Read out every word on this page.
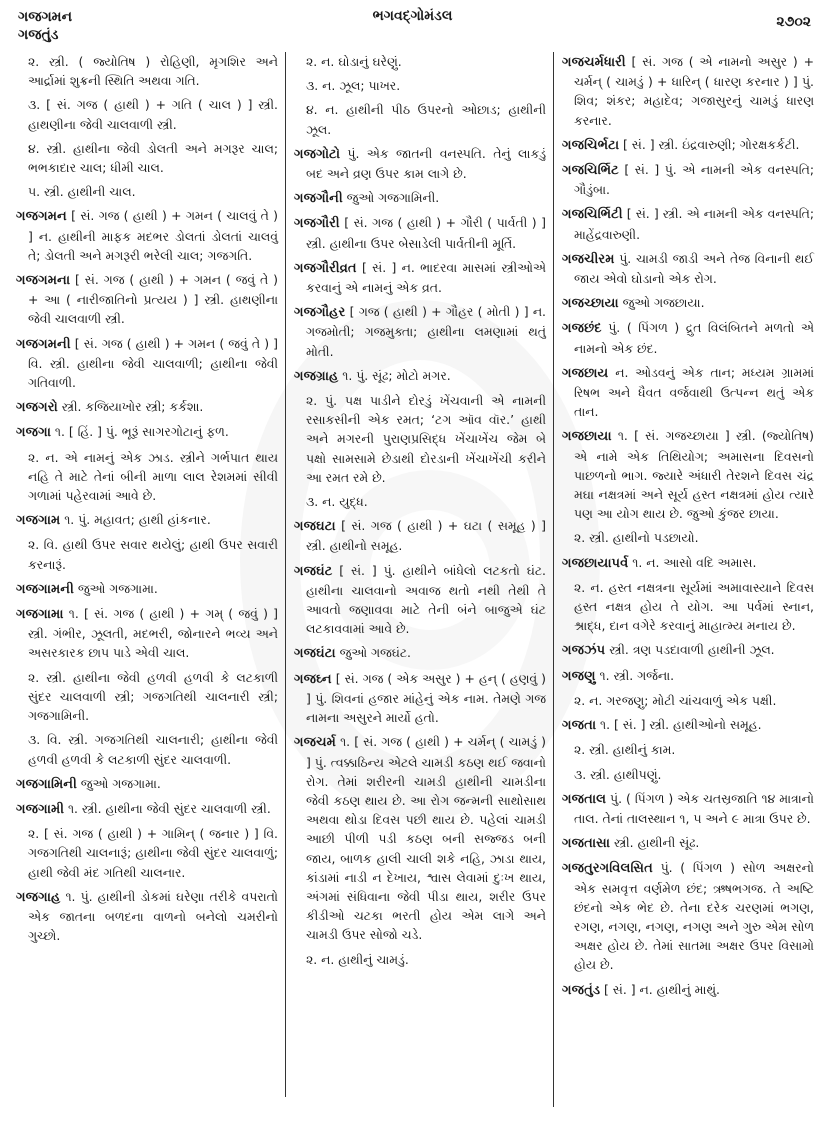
ગજગમન
ગજતુંડ
ભગવદ્ગોમંડલ	૨૭૦૨
૨. સ્ત્રી. ( જ્યોતિષ ) રોહિણી, મૃગશિર અને આર્દ્રામાં શુક્રની સ્થિતિ અથવા ગતિ.
૩. [ સં. ગજ ( હાથી ) + ગતિ ( ચાલ ) ] સ્ત્રી. હાથણીના જેવી ચાલવાળી સ્ત્રી.
૪. સ્ત્રી. હાથીના જેવી ડોલતી અને મગરૂર ચાલ; ભભકાદાર ચાલ; ધીમી ચાલ.
૫. સ્ત્રી. હાથીની ચાલ.
ગજગમન [ સં. ગજ ( હાથી ) + ગમન ( ચાલવું તે ) ] ન. હાથીની માફક મદભર ડોલતાં ડોલતાં ચાલવું તે; ડોલતી અને મગરૂરી ભરેલી ચાલ; ગજગતિ.
ગજગમના [ સં. ગજ ( હાથી ) + ગમન ( જવું તે ) + આ ( નારીજાતિનો પ્રત્યય ) ] સ્ત્રી. હાથણીના જેવી ચાલવાળી સ્ત્રી.
ગજગમની [ સં. ગજ ( હાથી ) + ગમન ( જવું તે ) ] વિ. સ્ત્રી. હાથીના જેવી ચાલવાળી; હાથીના જેવી ગતિવાળી.
ગજગરો સ્ત્રી. કજિયાખોર સ્ત્રી; કર્કશા.
ગજગા ૧. [ હિં. ] પું. ભૂરૂં સાગરગોટાનું ફળ.
૨. ન. એ નામનું એક ઝાડ. સ્ત્રીને ગર્ભપાત થાય નહિ તે માટે તેનાં બીની માળા લાલ રેશમમાં સીવી ગળામાં પહેરવામાં આવે છે.
ગજગામ ૧. પું. મહાવત; હાથી હાંકનાર.
૨. વિ. હાથી ઉપર સવાર થયેલું; હાથી ઉપર સવારી કરનારૂં.
ગજગામની જુઓ ગજગામા.
ગજગામા ૧. [ સં. ગજ ( હાથી ) + ગમ્ ( જવું ) ] સ્ત્રી. ગંભીર, ઝૂલતી, મદભરી, જોનારને ભવ્ય અને અસરકારક છાપ પાડે એવી ચાલ.
૨. સ્ત્રી. હાથીના જેવી હળવી હળવી કે લટકાળી સુંદર ચાલવાળી સ્ત્રી; ગજગતિથી ચાલનારી સ્ત્રી; ગજગામિની.
૩. વિ. સ્ત્રી. ગજગતિથી ચાલનારી; હાથીના જેવી હળવી હળવી કે લટકાળી સુંદર ચાલવાળી.
ગજગામિની જુઓ ગજગામા.
ગજગામી ૧. સ્ત્રી. હાથીના જેવી સુંદર ચાલવાળી સ્ત્રી.
૨. [ સં. ગજ ( હાથી ) + ગામિન્ ( જનાર ) ] વિ. ગજગતિથી ચાલનારૂં; હાથીના જેવી સુંદર ચાલવાળું; હાથી જેવી મંદ ગતિથી ચાલનાર.
ગજગાહ ૧. પું. હાથીની ડોકમાં ઘરેણા તરીકે વપરાતો એક જાતના બળદના વાળનો બનેલો ચમરીનો ગુચ્છો.
૨. ન. ઘોડાનું ઘરેણું.
૩. ન. ઝૂલ; પાખર.
૪. ન. હાથીની પીઠ ઉપરનો ઓછાડ; હાથીની ઝૂલ.
ગજગોટો પું. એક જાતની વનસ્પતિ. તેનું લાકડું બદ અને વ્રણ ઉપર કામ લાગે છે.
ગજગૌની જુઓ ગજગામિની.
ગજગૌરી [ સં. ગજ ( હાથી ) + ગૌરી ( પાર્વતી ) ] સ્ત્રી. હાથીના ઉપર બેસાડેલી પાર્વતીની મૂર્તિ.
ગજગૌરીવ્રત [ સં. ] ન. ભાદરવા માસમાં સ્ત્રીઓએ કરવાનું એ નામનું એક વ્રત.
ગજગૌહર [ ગજ ( હાથી ) + ગૌહર ( મોતી ) ] ન. ગજમોતી; ગજમુક્તા; હાથીના લમણામાં થતું મોતી.
ગજગ્રાહ ૧. પું. સૂંઢ; મોટો મગર.
૨. પું. પક્ષ પાડીને દોરડું ખેંચવાની એ નામની રસાકસીની એક રમત; ‘ટગ ઑવ વૉર.’ હાથી અને મગરની પુરાણપ્રસિદ્ધ ખેંચાખેંચ જેમ બે પક્ષો સામસામે છેડાથી દોરડાની ખેંચાખેંચી કરીને આ રમત રમે છે.
૩. ન. યુદ્ધ.
ગજઘટા [ સં. ગજ ( હાથી ) + ઘટા ( સમૂહ ) ] સ્ત્રી. હાથીનો સમૂહ.
ગજઘંટ [ સં. ] પું. હાથીને બાંધેલો લટકતો ઘંટ. હાથીના ચાલવાનો અવાજ થતો નથી તેથી તે આવતો જણાવવા માટે તેની બંને બાજુએ ઘંટ લટકાવવામાં આવે છે.
ગજઘંટા જુઓ ગજઘંટ.
ગજઘ્ન [ સં. ગજ ( એક અસુર ) + હન્ ( હણવું ) ] પું. શિવનાં હજાર માંહેનું એક નામ. તેમણે ગજ નામના અસુરને માર્યો હતો.
ગજચર્મ ૧. [ સં. ગજ ( હાથી ) + ચર્મન્ ( ચામડું ) ] પું. ત્વક્કાઠિન્ય એટલે ચામડી કઠણ થઈ જવાનો રોગ. તેમાં શરીરની ચામડી હાથીની ચામડીના જેવી કઠણ થાય છે. આ રોગ જન્મની સાથોસાથ અથવા થોડા દિવસ પછી થાય છે. પહેલાં ચામડી આછી પીળી પડી કઠણ બની સજ્જડ બની જાય, બાળક હાલી ચાલી શકે નહિ, ઝાડા થાય, કાંડામાં નાડી ન દેખાય, શ્વાસ લેવામાં દુઃખ થાય, અંગમાં સંધિવાના જેવી પીડા થાય, શરીર ઉપર કીડીઓ ચટકા ભરતી હોય એમ લાગે અને ચામડી ઉપર સોજો ચડે.
૨. ન. હાથીનું ચામડું.
ગજચર્મધારી [ સં. ગજ ( એ નામનો અસુર ) + ચર્મન્ ( ચામડું ) + ધારિન્ ( ધારણ કરનાર ) ] પું. શિવ; શંકર; મહાદેવ; ગજાસુરનું ચામડું ધારણ કરનાર.
ગજચિર્ભટા [ સં. ] સ્ત્રી. ઇંદ્રવારુણી; ગોરક્ષકર્કટી.
ગજચિર્ભિટ [ સં. ] પું. એ નામની એક વનસ્પતિ; ગૌડુંબા.
ગજચિર્ભિટી [ સં. ] સ્ત્રી. એ નામની એક વનસ્પતિ; માહેંદ્રવારુણી.
ગજચીરમ પું. ચામડી જાડી અને તેજ વિનાની થઈ જાય એવો ઘોડાનો એક રોગ.
ગજચ્છાયા જુઓ ગજછાયા.
ગજછંદ પું. ( પિંગળ ) દ્રુત વિલંબિતને મળતો એ નામનો એક છંદ.
ગજછાય ન. ઓડવનું એક તાન; મધ્યમ ગ્રામમાં રિષભ અને ધૈવત વર્જવાથી ઉત્પન્ન થતું એક તાન.
ગજછાયા ૧. [ સં. ગજચ્છાયા ] સ્ત્રી. (જ્યોતિષ) એ નામે એક તિથિયોગ; અમાસના દિવસનો પાછળનો ભાગ. જ્યારે અંધારી તેરશને દિવસ ચંદ્ર મઘા નક્ષત્રમાં અને સૂર્ય હસ્ત નક્ષત્રમાં હોય ત્યારે પણ આ યોગ થાય છે. જુઓ કુંજર છાયા.
૨. સ્ત્રી. હાથીનો પડછાયો.
ગજછાયાપર્વ ૧. ન. આસો વદિ અમાસ.
૨. ન. હસ્ત નક્ષત્રના સૂર્યમાં અમાવાસ્યાને દિવસ હસ્ત નક્ષત્ર હોય તે યોગ. આ પર્વમાં સ્નાન, શ્રાદ્ધ, દાન વગેરે કરવાનું માહાત્મ્ય મનાય છે.
ગજઝંપ સ્ત્રી. ત્રણ પડદાવાળી હાથીની ઝૂલ.
ગજણુ ૧. સ્ત્રી. ગર્જના.
૨. ન. ગરજણુ; મોટી ચાંચવાળું એક પક્ષી.
ગજતા ૧. [ સં. ] સ્ત્રી. હાથીઓનો સમૂહ.
૨. સ્ત્રી. હાથીનું કામ.
૩. સ્ત્રી. હાથીપણું.
ગજતાલ પું. ( પિંગળ ) એક ચતસ્રજાતિ ૧૪ માત્રાનો તાલ. તેનાં તાલસ્થાન ૧, ૫ અને ૯ માત્રા ઉપર છે.
ગજતાસા સ્ત્રી. હાથીની સૂંઢ.
ગજતુરગવિલસિત પું. ( પિંગળ ) સોળ અક્ષરનો એક સમવૃત્ત વર્ણમેળ છંદ; ઋષભગજ. તે અષ્ટિ છંદનો એક ભેદ છે. તેના દરેક ચરણમાં ભગણ, રગણ, નગણ, નગણ, નગણ અને ગુરુ એમ સોળ અક્ષર હોય છે. તેમાં સાતમા અક્ષર ઉપર વિસામો હોય છે.
ગજતુંડ [ સં. ] ન. હાથીનું માથું.
